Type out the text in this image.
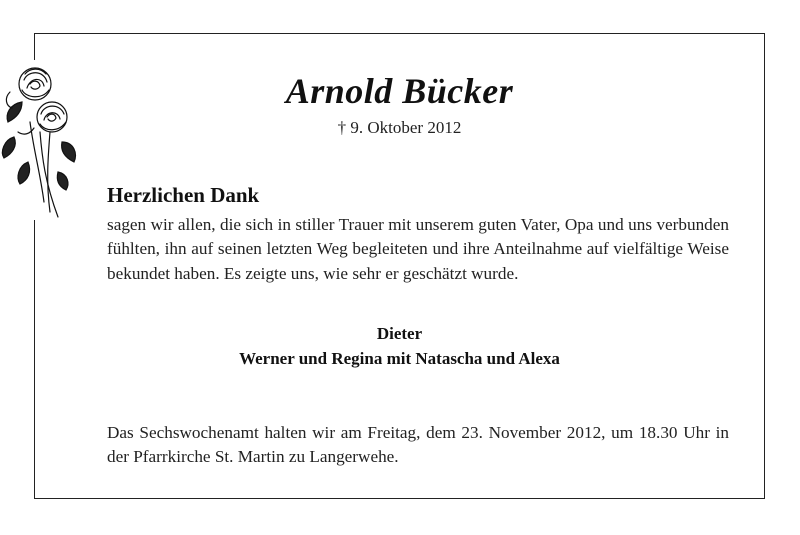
Arnold Bücker
† 9. Oktober 2012
Herzlichen Dank
sagen wir allen, die sich in stiller Trauer mit unserem guten Vater, Opa und uns verbunden fühlten, ihn auf seinen letzten Weg begleiteten und ihre Anteilnahme auf vielfältige Weise bekundet haben. Es zeigte uns, wie sehr er geschätzt wurde.
Dieter
Werner und Regina mit Natascha und Alexa
Das Sechswochenamt halten wir am Freitag, dem 23. November 2012, um 18.30 Uhr in der Pfarrkirche St. Martin zu Langerwehe.
